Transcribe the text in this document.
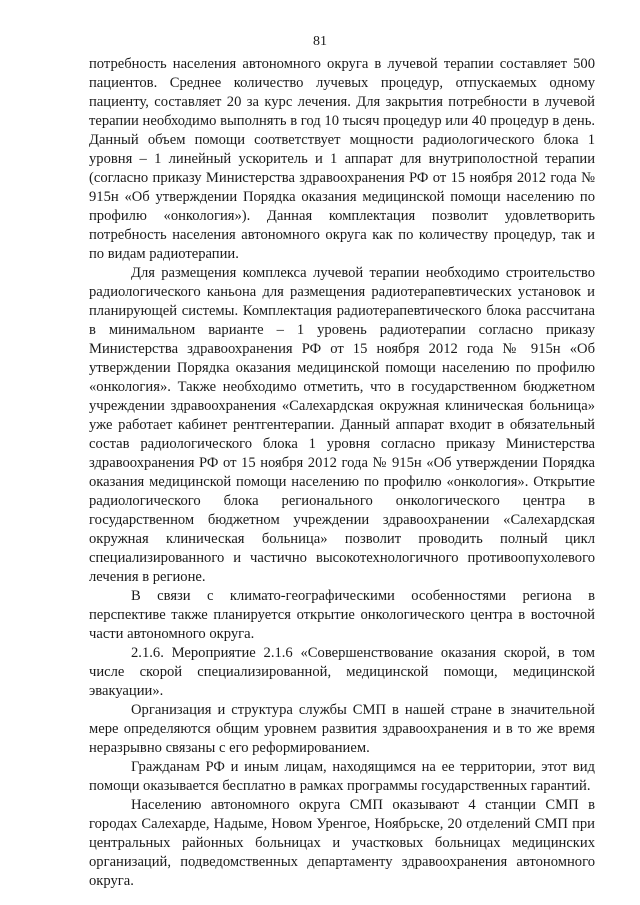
81

потребность населения автономного округа в лучевой терапии составляет 500 пациентов. Среднее количество лучевых процедур, отпускаемых одному пациенту, составляет 20 за курс лечения. Для закрытия потребности в лучевой терапии необходимо выполнять в год 10 тысяч процедур или 40 процедур в день. Данный объем помощи соответствует мощности радиологического блока 1 уровня – 1 линейный ускоритель и 1 аппарат для внутриполостной терапии (согласно приказу Министерства здравоохранения РФ от 15 ноября 2012 года № 915н «Об утверждении Порядка оказания медицинской помощи населению по профилю «онкология»). Данная комплектация позволит удовлетворить потребность населения автономного округа как по количеству процедур, так и по видам радиотерапии.

Для размещения комплекса лучевой терапии необходимо строительство радиологического каньона для размещения радиотерапевтических установок и планирующей системы. Комплектация радиотерапевтического блока рассчитана в минимальном варианте – 1 уровень радиотерапии согласно приказу Министерства здравоохранения РФ от 15 ноября 2012 года № 915н «Об утверждении Порядка оказания медицинской помощи населению по профилю «онкология». Также необходимо отметить, что в государственном бюджетном учреждении здравоохранения «Салехардская окружная клиническая больница» уже работает кабинет рентгентерапии. Данный аппарат входит в обязательный состав радиологического блока 1 уровня согласно приказу Министерства здравоохранения РФ от 15 ноября 2012 года № 915н «Об утверждении Порядка оказания медицинской помощи населению по профилю «онкология». Открытие радиологического блока регионального онкологического центра в государственном бюджетном учреждении здравоохранении «Салехардская окружная клиническая больница» позволит проводить полный цикл специализированного и частично высокотехнологичного противоопухолевого лечения в регионе.

В связи с климато-географическими особенностями региона в перспективе также планируется открытие онкологического центра в восточной части автономного округа.

2.1.6. Мероприятие 2.1.6 «Совершенствование оказания скорой, в том числе скорой специализированной, медицинской помощи, медицинской эвакуации».

Организация и структура службы СМП в нашей стране в значительной мере определяются общим уровнем развития здравоохранения и в то же время неразрывно связаны с его реформированием.

Гражданам РФ и иным лицам, находящимся на ее территории, этот вид помощи оказывается бесплатно в рамках программы государственных гарантий.

Населению автономного округа СМП оказывают 4 станции СМП в городах Салехарде, Надыме, Новом Уренгое, Ноябрьске, 20 отделений СМП при центральных районных больницах и участковых больницах медицинских организаций, подведомственных департаменту здравоохранения автономного округа.
